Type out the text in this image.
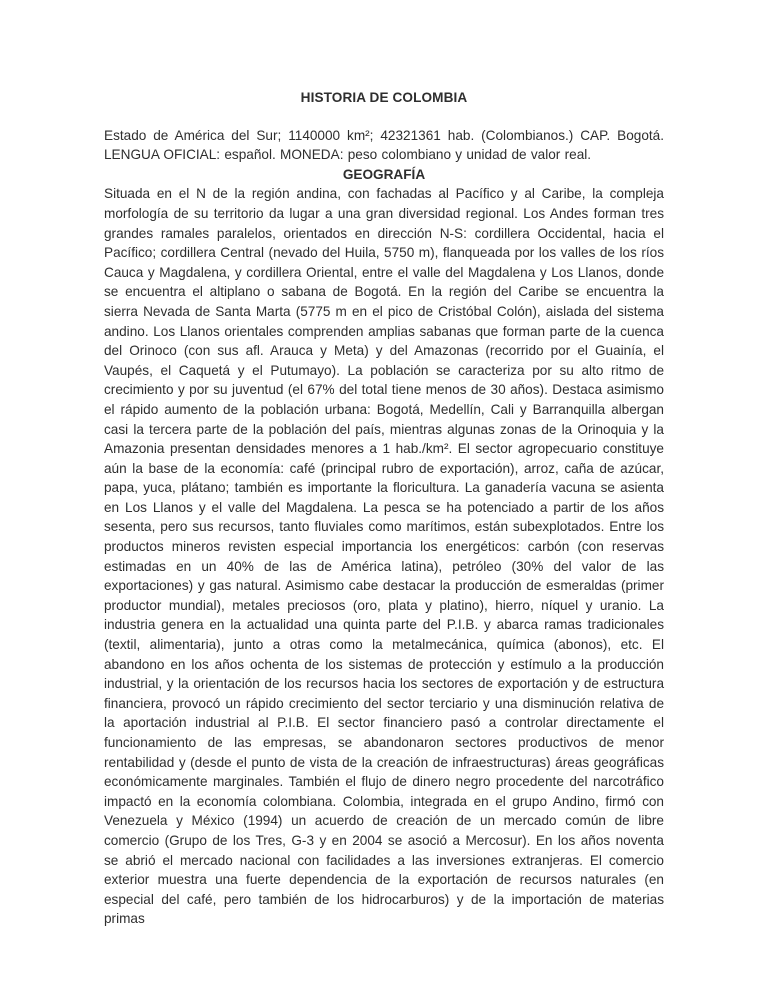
HISTORIA DE COLOMBIA

Estado de América del Sur; 1140000 km²; 42321361 hab. (Colombianos.) CAP. Bogotá. LENGUA OFICIAL: español. MONEDA: peso colombiano y unidad de valor real.

GEOGRAFÍA

Situada en el N de la región andina, con fachadas al Pacífico y al Caribe, la compleja morfología de su territorio da lugar a una gran diversidad regional. Los Andes forman tres grandes ramales paralelos, orientados en dirección N-S: cordillera Occidental, hacia el Pacífico; cordillera Central (nevado del Huila, 5750 m), flanqueada por los valles de los ríos Cauca y Magdalena, y cordillera Oriental, entre el valle del Magdalena y Los Llanos, donde se encuentra el altiplano o sabana de Bogotá. En la región del Caribe se encuentra la sierra Nevada de Santa Marta (5775 m en el pico de Cristóbal Colón), aislada del sistema andino. Los Llanos orientales comprenden amplias sabanas que forman parte de la cuenca del Orinoco (con sus afl. Arauca y Meta) y del Amazonas (recorrido por el Guainía, el Vaupés, el Caquetá y el Putumayo). La población se caracteriza por su alto ritmo de crecimiento y por su juventud (el 67% del total tiene menos de 30 años). Destaca asimismo el rápido aumento de la población urbana: Bogotá, Medellín, Cali y Barranquilla albergan casi la tercera parte de la población del país, mientras algunas zonas de la Orinoquia y la Amazonia presentan densidades menores a 1 hab./km². El sector agropecuario constituye aún la base de la economía: café (principal rubro de exportación), arroz, caña de azúcar, papa, yuca, plátano; también es importante la floricultura. La ganadería vacuna se asienta en Los Llanos y el valle del Magdalena. La pesca se ha potenciado a partir de los años sesenta, pero sus recursos, tanto fluviales como marítimos, están subexplotados. Entre los productos mineros revisten especial importancia los energéticos: carbón (con reservas estimadas en un 40% de las de América latina), petróleo (30% del valor de las exportaciones) y gas natural. Asimismo cabe destacar la producción de esmeraldas (primer productor mundial), metales preciosos (oro, plata y platino), hierro, níquel y uranio. La industria genera en la actualidad una quinta parte del P.I.B. y abarca ramas tradicionales (textil, alimentaria), junto a otras como la metalmecánica, química (abonos), etc. El abandono en los años ochenta de los sistemas de protección y estímulo a la producción industrial, y la orientación de los recursos hacia los sectores de exportación y de estructura financiera, provocó un rápido crecimiento del sector terciario y una disminución relativa de la aportación industrial al P.I.B. El sector financiero pasó a controlar directamente el funcionamiento de las empresas, se abandonaron sectores productivos de menor rentabilidad y (desde el punto de vista de la creación de infraestructuras) áreas geográficas económicamente marginales. También el flujo de dinero negro procedente del narcotráfico impactó en la economía colombiana. Colombia, integrada en el grupo Andino, firmó con Venezuela y México (1994) un acuerdo de creación de un mercado común de libre comercio (Grupo de los Tres, G-3 y en 2004 se asoció a Mercosur). En los años noventa se abrió el mercado nacional con facilidades a las inversiones extranjeras. El comercio exterior muestra una fuerte dependencia de la exportación de recursos naturales (en especial del café, pero también de los hidrocarburos) y de la importación de materias primas
